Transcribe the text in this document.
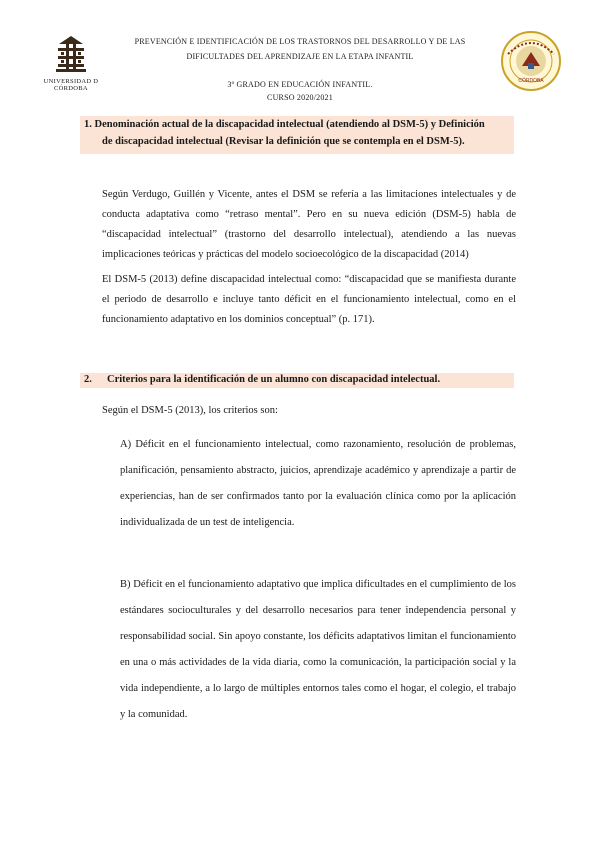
UNIVERSIDAD D CÓRDOBA
PREVENCIÓN E IDENTIFICACIÓN DE LOS TRASTORNOS DEL DESARROLLO Y DE LAS
DIFICULTADES DEL APRENDIZAJE EN LA ETAPA INFANTIL
3º GRADO EN EDUCACIÓN INFANTIL.
CURSO 2020/2021
CÓRDOBA
1. Denominación actual de la discapacidad intelectual (atendiendo al DSM-5) y Definición
de discapacidad intelectual (Revisar la definición que se contempla en el DSM-5).
Según Verdugo, Guillén y Vicente, antes el DSM se refería a las limitaciones intelectuales y de conducta adaptativa como “retraso mental”. Pero en su nueva edición (DSM-5) habla de “discapacidad intelectual” (trastorno del desarrollo intelectual), atendiendo a las nuevas implicaciones teóricas y prácticas del modelo socioecológico de la discapacidad (2014)
El DSM-5 (2013) define discapacidad intelectual como: “discapacidad que se manifiesta durante el periodo de desarrollo e incluye tanto déficit en el funcionamiento intelectual, como en el funcionamiento adaptativo en los dominios conceptual” (p. 171).
2. Criterios para la identificación de un alumno con discapacidad intelectual.
Según el DSM-5 (2013), los criterios son:
A) Déficit en el funcionamiento intelectual, como razonamiento, resolución de problemas, planificación, pensamiento abstracto, juicios, aprendizaje académico y aprendizaje a partir de experiencias, han de ser confirmados tanto por la evaluación clínica como por la aplicación individualizada de un test de inteligencia.
B) Déficit en el funcionamiento adaptativo que implica dificultades en el cumplimiento de los estándares socioculturales y del desarrollo necesarios para tener independencia personal y responsabilidad social. Sin apoyo constante, los déficits adaptativos limitan el funcionamiento en una o más actividades de la vida diaria, como la comunicación, la participación social y la vida independiente, a lo largo de múltiples entornos tales como el hogar, el colegio, el trabajo y la comunidad.
